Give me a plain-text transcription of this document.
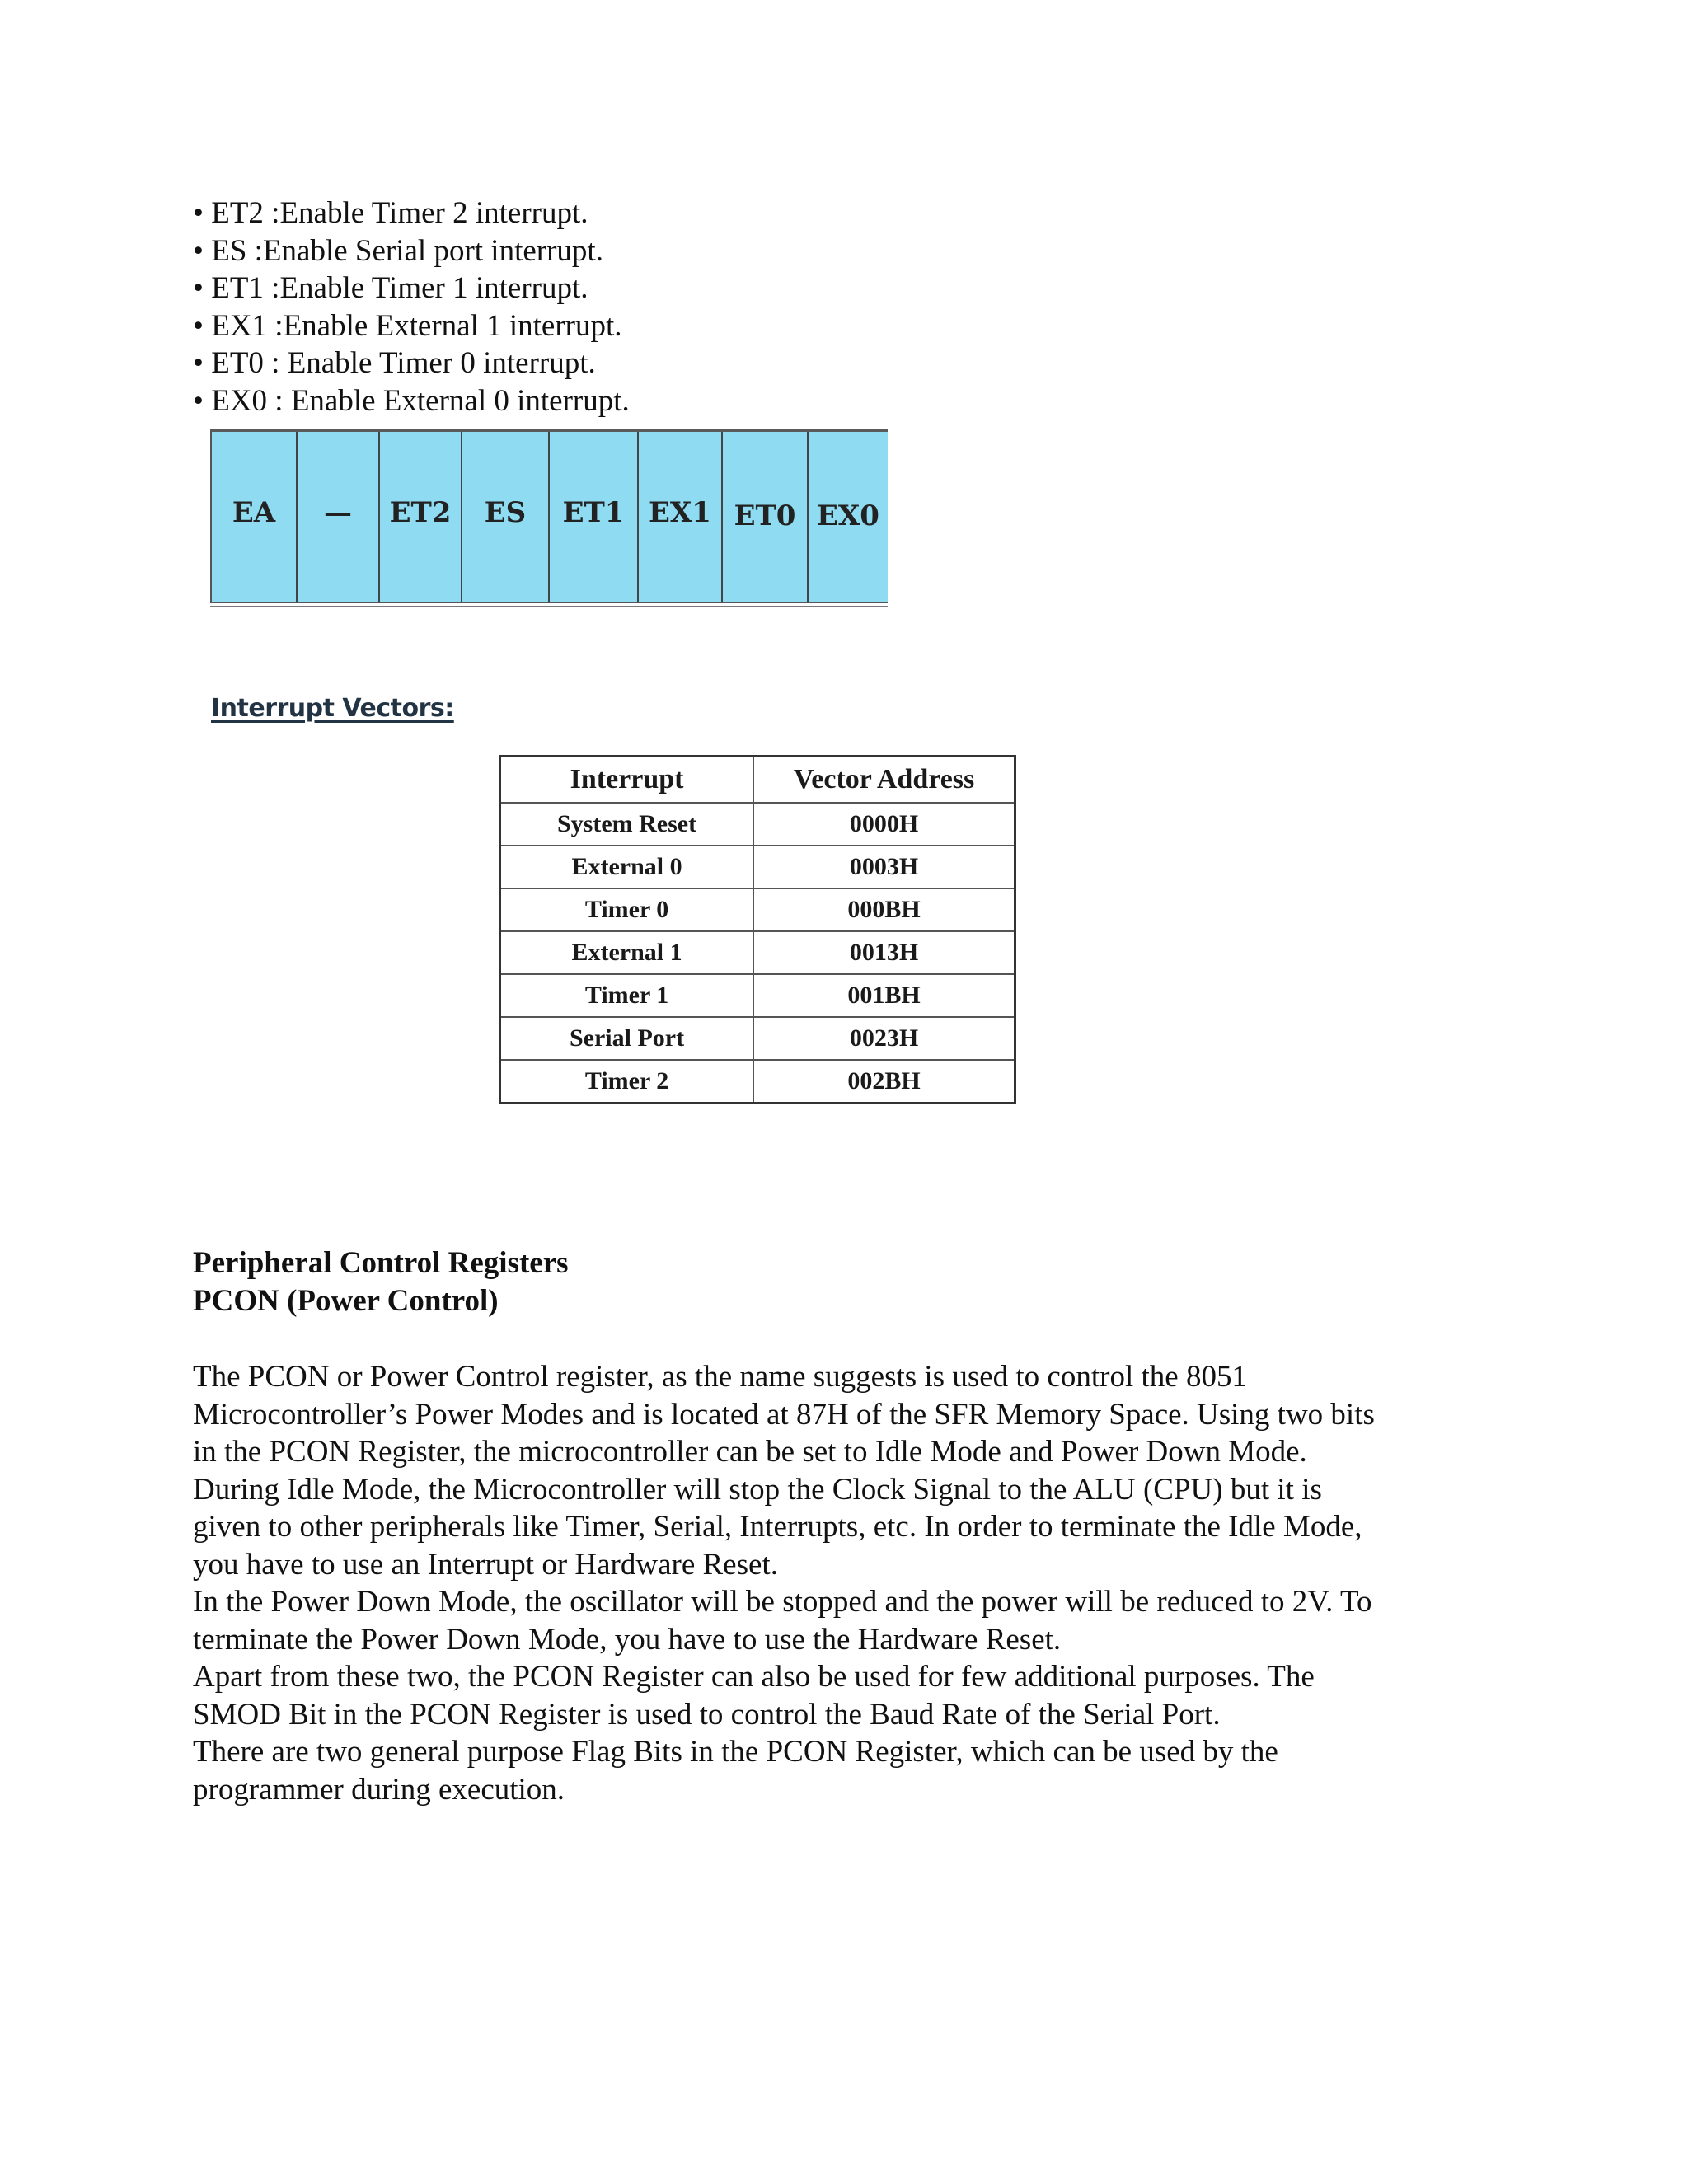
• ET2 :Enable Timer 2 interrupt.
• ES :Enable Serial port interrupt.
• ET1 :Enable Timer 1 interrupt.
• EX1 :Enable External 1 interrupt.
• ET0 : Enable Timer 0 interrupt.
• EX0 : Enable External 0 interrupt.
EA	—	ET2	ES	ET1 EX1 ET0 EX0
Interrupt Vectors:
Interrupt	Vector Address
System Reset	0000H
External 0	0003H
Timer 0	000BH
External 1	0013H
Timer 1	001BH
Serial Port	0023H
Timer 2	002BH
Peripheral Control Registers
PCON (Power Control)
The PCON or Power Control register, as the name suggests is used to control the 8051
Microcontroller’s Power Modes and is located at 87H of the SFR Memory Space. Using two bits
in the PCON Register, the microcontroller can be set to Idle Mode and Power Down Mode.
During Idle Mode, the Microcontroller will stop the Clock Signal to the ALU (CPU) but it is
given to other peripherals like Timer, Serial, Interrupts, etc. In order to terminate the Idle Mode,
you have to use an Interrupt or Hardware Reset.
In the Power Down Mode, the oscillator will be stopped and the power will be reduced to 2V. To
terminate the Power Down Mode, you have to use the Hardware Reset.
Apart from these two, the PCON Register can also be used for few additional purposes. The
SMOD Bit in the PCON Register is used to control the Baud Rate of the Serial Port.
There are two general purpose Flag Bits in the PCON Register, which can be used by the
programmer during execution.
